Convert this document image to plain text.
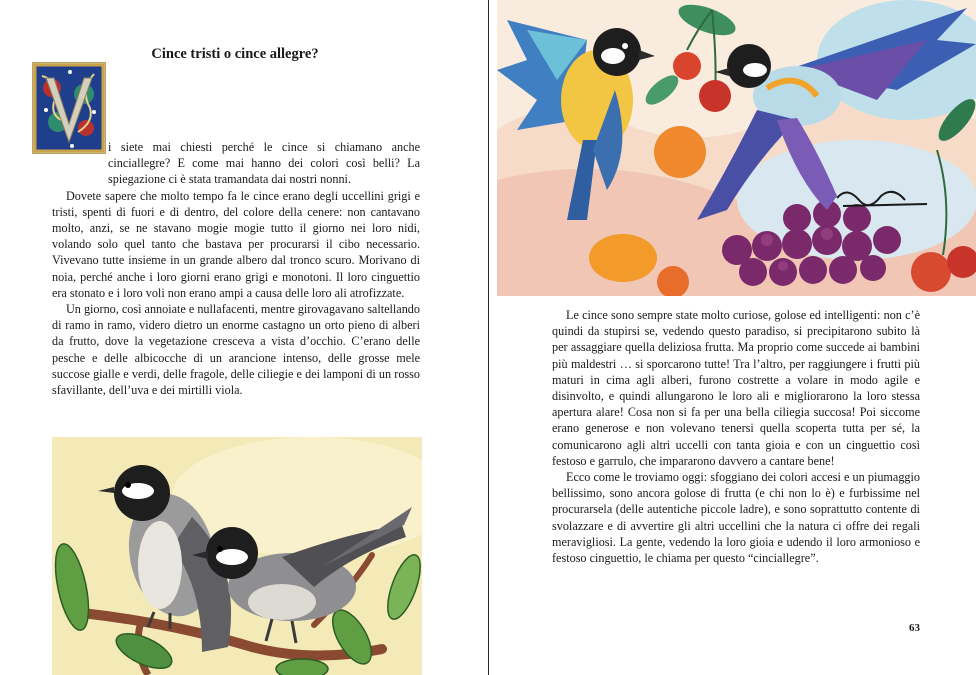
Cince tristi o cince allegre?

i siete mai chiesti perché le cince si chiamano anche cinciallegre? E come mai hanno dei colori così belli? La spiegazione ci è stata tramandata dai nostri nonni.

Dovete sapere che molto tempo fa le cince erano degli uccellini grigi e tristi, spenti di fuori e di dentro, del colore della cenere: non cantavano molto, anzi, se ne stavano mogie mogie tutto il giorno nei loro nidi, volando solo quel tanto che bastava per procurarsi il cibo necessario. Vivevano tutte insieme in un grande albero dal tronco scuro. Morivano di noia, perché anche i loro giorni erano grigi e monotoni. Il loro cinguettio era stonato e i loro voli non erano ampi a causa delle loro ali atrofizzate.

Un giorno, così annoiate e nullafacenti, mentre girovagavano saltellando di ramo in ramo, videro dietro un enorme castagno un orto pieno di alberi da frutto, dove la vegetazione cresceva a vista d’occhio. C’erano delle pesche e delle albicocche di un arancione intenso, delle grosse mele succose gialle e verdi, delle fragole, delle ciliegie e dei lamponi di un rosso sfavillante, dell’uva e dei mirtilli viola.

Le cince sono sempre state molto curiose, golose ed intelligenti: non c’è quindi da stupirsi se, vedendo questo paradiso, si precipitarono subito là per assaggiare quella deliziosa frutta. Ma proprio come succede ai bambini più maldestri … si sporcarono tutte! Tra l’altro, per raggiungere i frutti più maturi in cima agli alberi, furono costrette a volare in modo agile e disinvolto, e quindi allungarono le loro ali e migliorarono la loro stessa apertura alare! Cosa non si fa per una bella ciliegia succosa! Poi siccome erano generose e non volevano tenersi quella scoperta tutta per sé, la comunicarono agli altri uccelli con tanta gioia e con un cinguettio così festoso e garrulo, che impararono davvero a cantare bene!

Ecco come le troviamo oggi: sfoggiano dei colori accesi e un piumaggio bellissimo, sono ancora golose di frutta (e chi non lo è) e furbissime nel procurarsela (delle autentiche piccole ladre), e sono soprattutto contente di svolazzare e di avvertire gli altri uccellini che la natura ci offre dei regali meravigliosi. La gente, vedendo la loro gioia e udendo il loro armonioso e festoso cinguettio, le chiama per questo “cinciallegre”.

63
